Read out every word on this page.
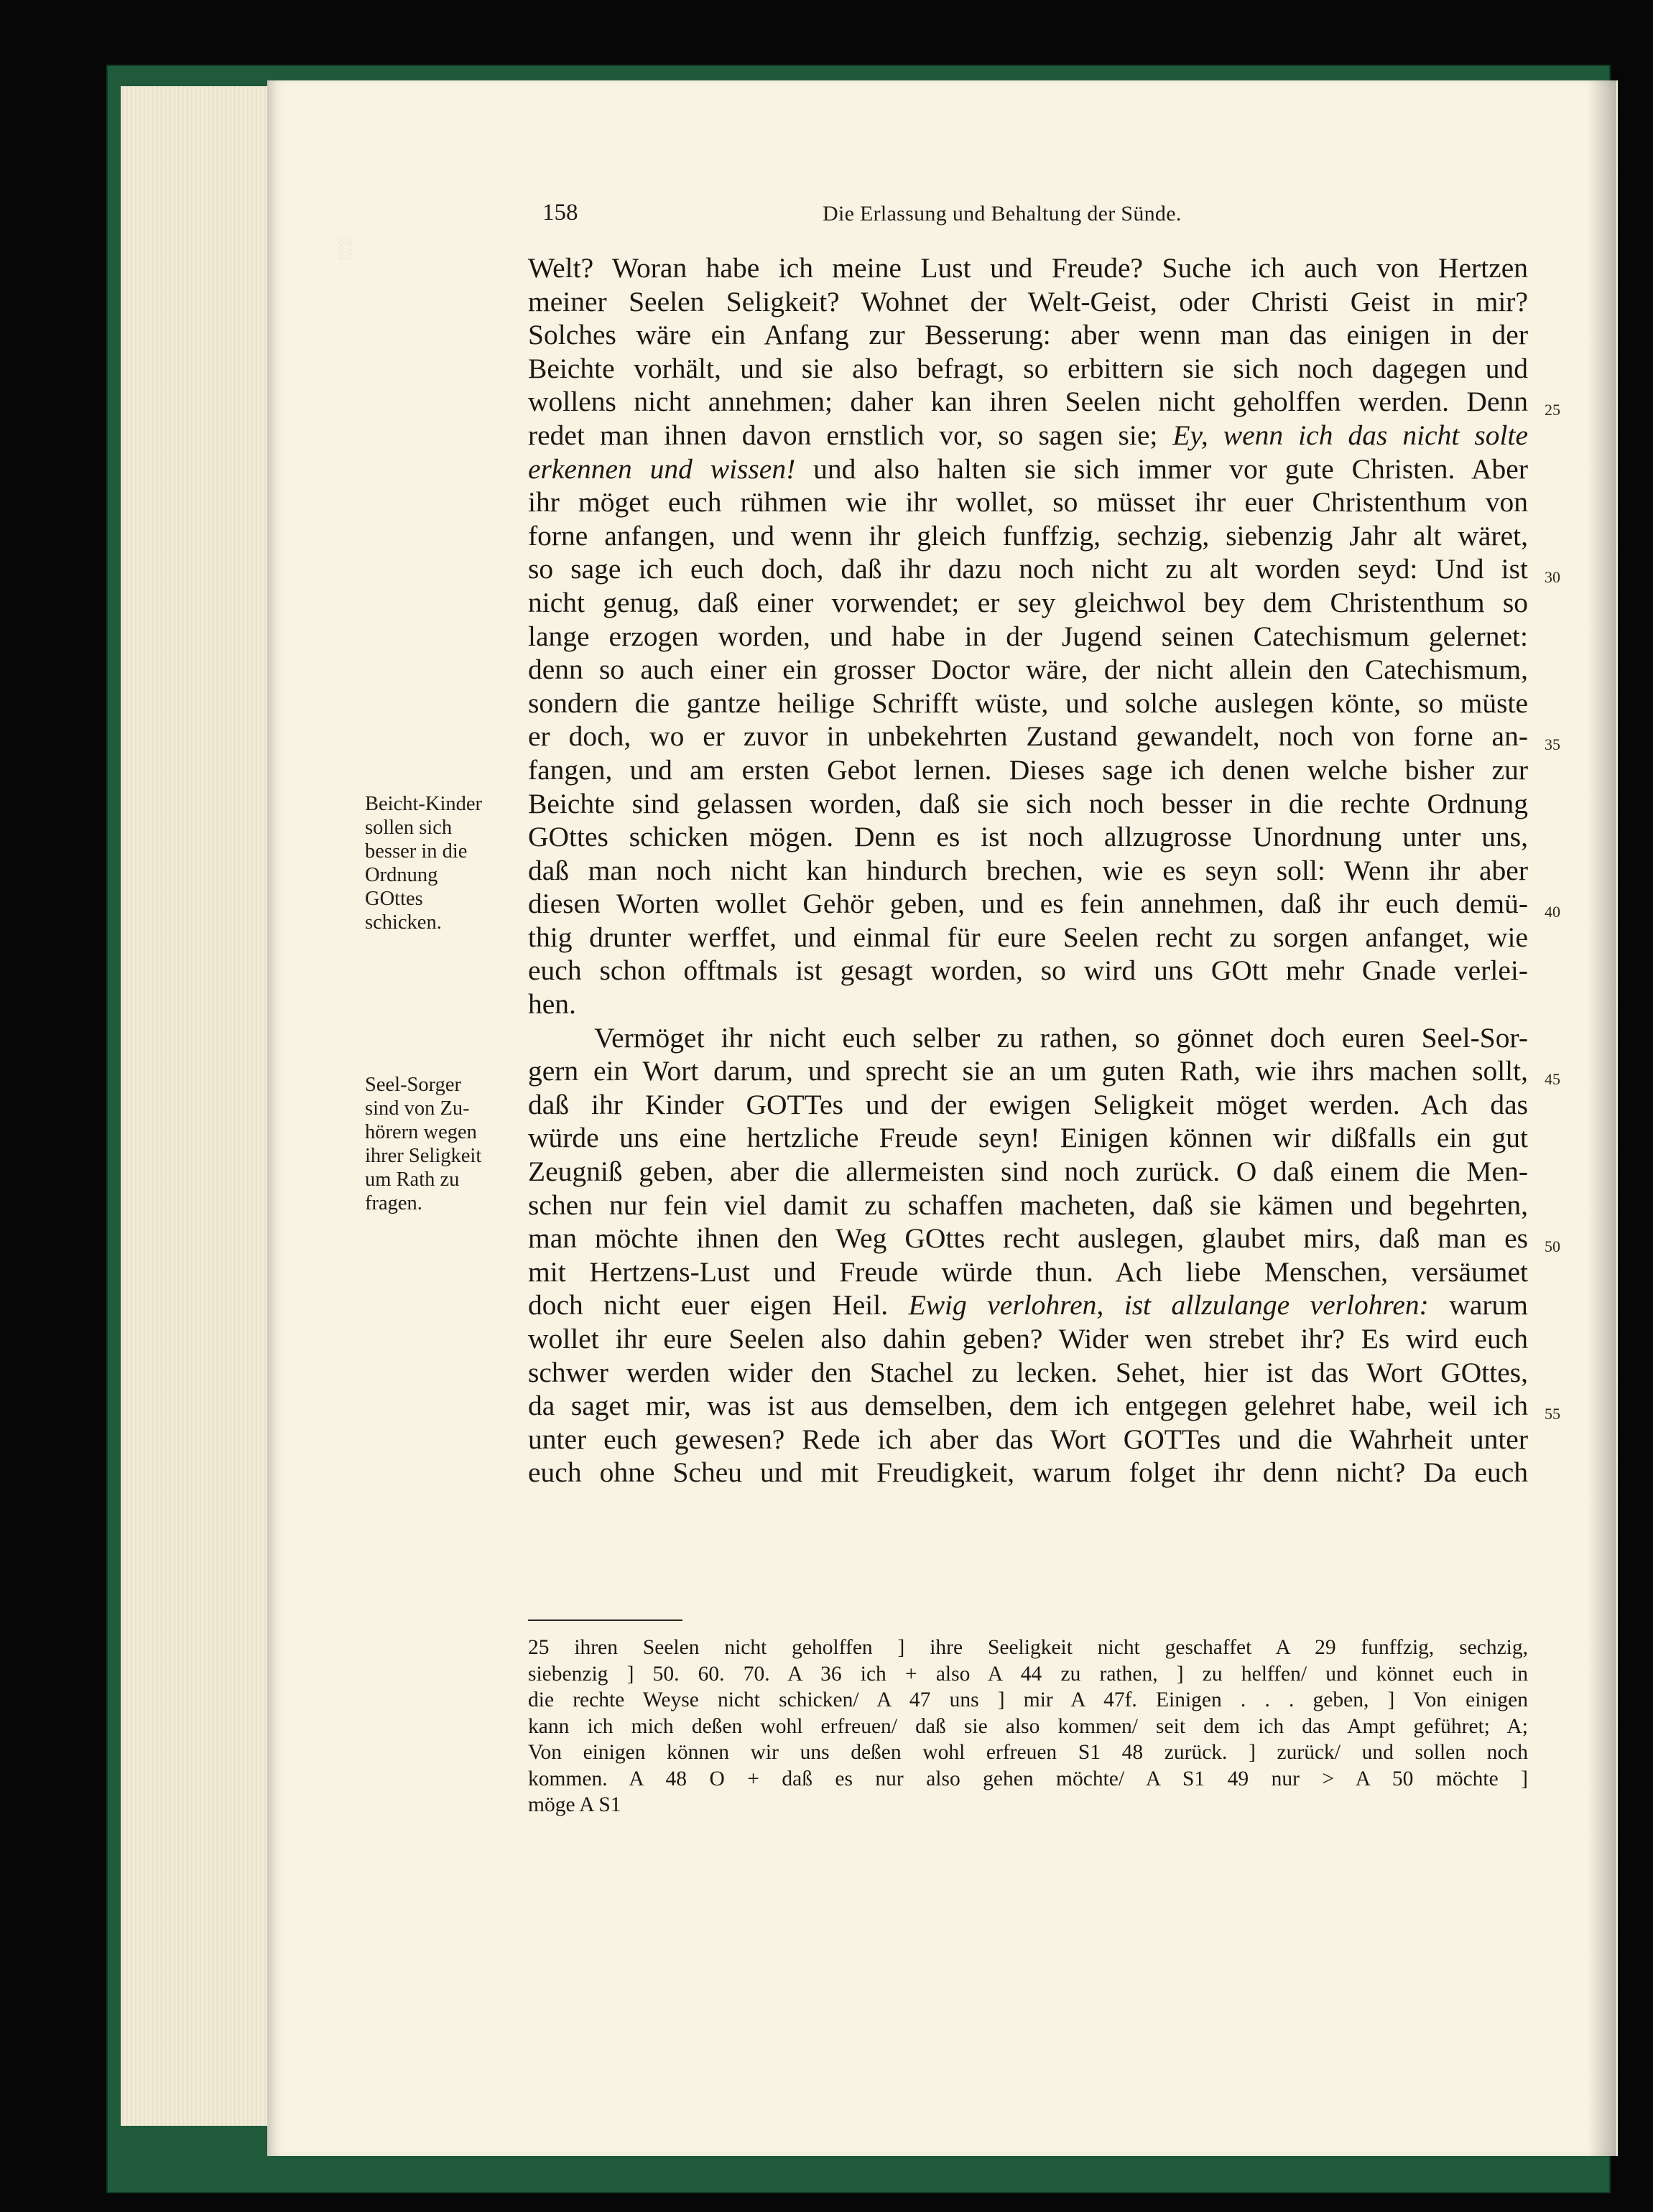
░
158	Die Erlassung und Behaltung der Sünde.
Welt? Woran habe ich meine Lust und Freude? Suche ich auch von Hertzen
meiner Seelen Seligkeit? Wohnet der Welt-Geist, oder Christi Geist in mir?
Solches wäre ein Anfang zur Besserung: aber wenn man das einigen in der
Beichte vorhält, und sie also befragt, so erbittern sie sich noch dagegen und
wollens nicht annehmen; daher kan ihren Seelen nicht geholffen werden. Denn
redet man ihnen davon ernstlich vor, so sagen sie; Ey, wenn ich das nicht solte
erkennen und wissen! und also halten sie sich immer vor gute Christen. Aber
ihr möget euch rühmen wie ihr wollet, so müsset ihr euer Christenthum von
forne anfangen, und wenn ihr gleich funffzig, sechzig, siebenzig Jahr alt wäret,
so sage ich euch doch, daß ihr dazu noch nicht zu alt worden seyd: Und ist
nicht genug, daß einer vorwendet; er sey gleichwol bey dem Christenthum so
lange erzogen worden, und habe in der Jugend seinen Catechismum gelernet:
denn so auch einer ein grosser Doctor wäre, der nicht allein den Catechismum,
sondern die gantze heilige Schrifft wüste, und solche auslegen könte, so müste
er doch, wo er zuvor in unbekehrten Zustand gewandelt, noch von forne an-
fangen, und am ersten Gebot lernen. Dieses sage ich denen welche bisher zur
Beichte sind gelassen worden, daß sie sich noch besser in die rechte Ordnung
GOttes schicken mögen. Denn es ist noch allzugrosse Unordnung unter uns,
daß man noch nicht kan hindurch brechen, wie es seyn soll: Wenn ihr aber
diesen Worten wollet Gehör geben, und es fein annehmen, daß ihr euch demü-
thig drunter werffet, und einmal für eure Seelen recht zu sorgen anfanget, wie
euch schon offtmals ist gesagt worden, so wird uns GOtt mehr Gnade verlei-
hen.
Vermöget ihr nicht euch selber zu rathen, so gönnet doch euren Seel-Sor-
gern ein Wort darum, und sprecht sie an um guten Rath, wie ihrs machen sollt,
daß ihr Kinder GOTTes und der ewigen Seligkeit möget werden. Ach das
würde uns eine hertzliche Freude seyn! Einigen können wir dißfalls ein gut
Zeugniß geben, aber die allermeisten sind noch zurück. O daß einem die Men-
schen nur fein viel damit zu schaffen macheten, daß sie kämen und begehrten,
man möchte ihnen den Weg GOttes recht auslegen, glaubet mirs, daß man es
mit Hertzens-Lust und Freude würde thun. Ach liebe Menschen, versäumet
doch nicht euer eigen Heil. Ewig verlohren, ist allzulange verlohren: warum
wollet ihr eure Seelen also dahin geben? Wider wen strebet ihr? Es wird euch
schwer werden wider den Stachel zu lecken. Sehet, hier ist das Wort GOttes,
da saget mir, was ist aus demselben, dem ich entgegen gelehret habe, weil ich
unter euch gewesen? Rede ich aber das Wort GOTTes und die Wahrheit unter
euch ohne Scheu und mit Freudigkeit, warum folget ihr denn nicht? Da euch
25
30
35
40
45
50
55
Beicht-Kinder
sollen sich
besser in die
Ordnung
GOttes
schicken.
Seel-Sorger
sind von Zu-
hörern wegen
ihrer Seligkeit
um Rath zu
fragen.
25 ihren Seelen nicht geholffen ] ihre Seeligkeit nicht geschaffet A 29 funffzig, sechzig,
siebenzig ] 50. 60. 70. A 36 ich + also A 44 zu rathen, ] zu helffen/ und könnet euch in
die rechte Weyse nicht schicken/ A 47 uns ] mir A 47f. Einigen . . . geben, ] Von einigen
kann ich mich deßen wohl erfreuen/ daß sie also kommen/ seit dem ich das Ampt geführet; A;
Von einigen können wir uns deßen wohl erfreuen S1 48 zurück. ] zurück/ und sollen noch
kommen. A 48 O + daß es nur also gehen möchte/ A S1 49 nur > A 50 möchte ]
möge A S1
